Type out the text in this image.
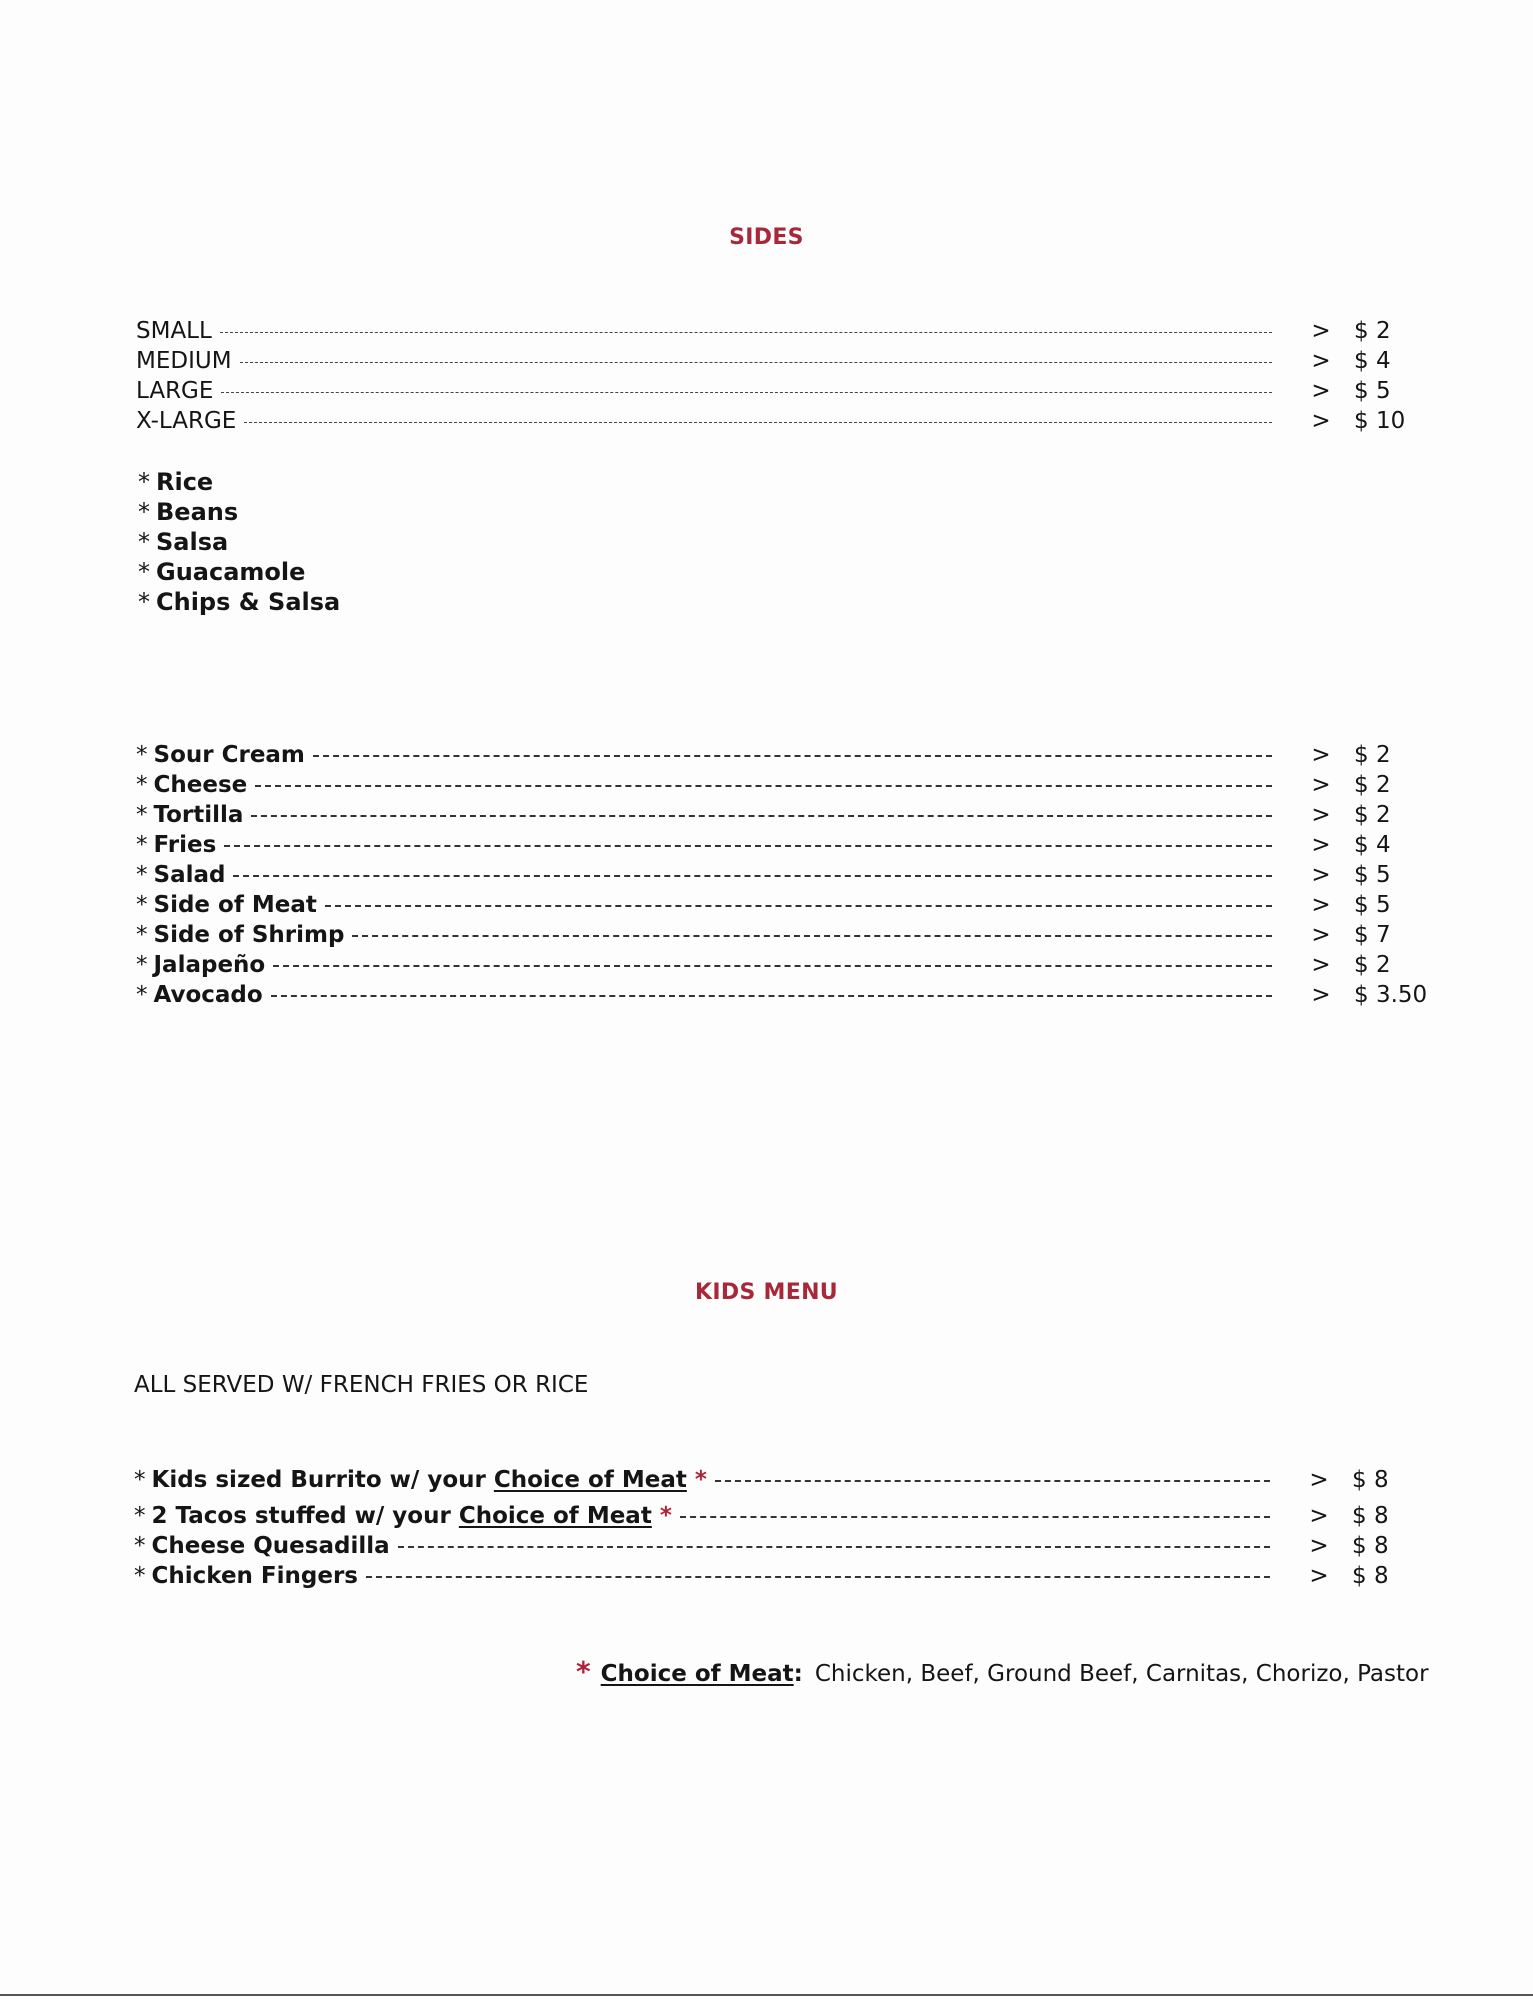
SIDES
SMALL	> $ 2
MEDIUM	> $ 4
LARGE	> $ 5
X-LARGE	> $ 10
* Rice
* Beans
* Salsa
* Guacamole
* Chips & Salsa
* Sour Cream	> $ 2
* Cheese	> $ 2
* Tortilla	> $ 2
* Fries	> $ 4
* Salad	> $ 5
* Side of Meat	> $ 5
* Side of Shrimp	> $ 7
* Jalapeño	> $ 2
* Avocado	> $ 3.50
KIDS MENU
ALL SERVED W/ FRENCH FRIES OR RICE
* Kids sized Burrito w/ your Choice of Meat *	> $ 8
* 2 Tacos stuffed w/ your Choice of Meat *	> $ 8
* Cheese Quesadilla	> $ 8
* Chicken Fingers	> $ 8
* Choice of Meat: Chicken, Beef, Ground Beef, Carnitas, Chorizo, Pastor
